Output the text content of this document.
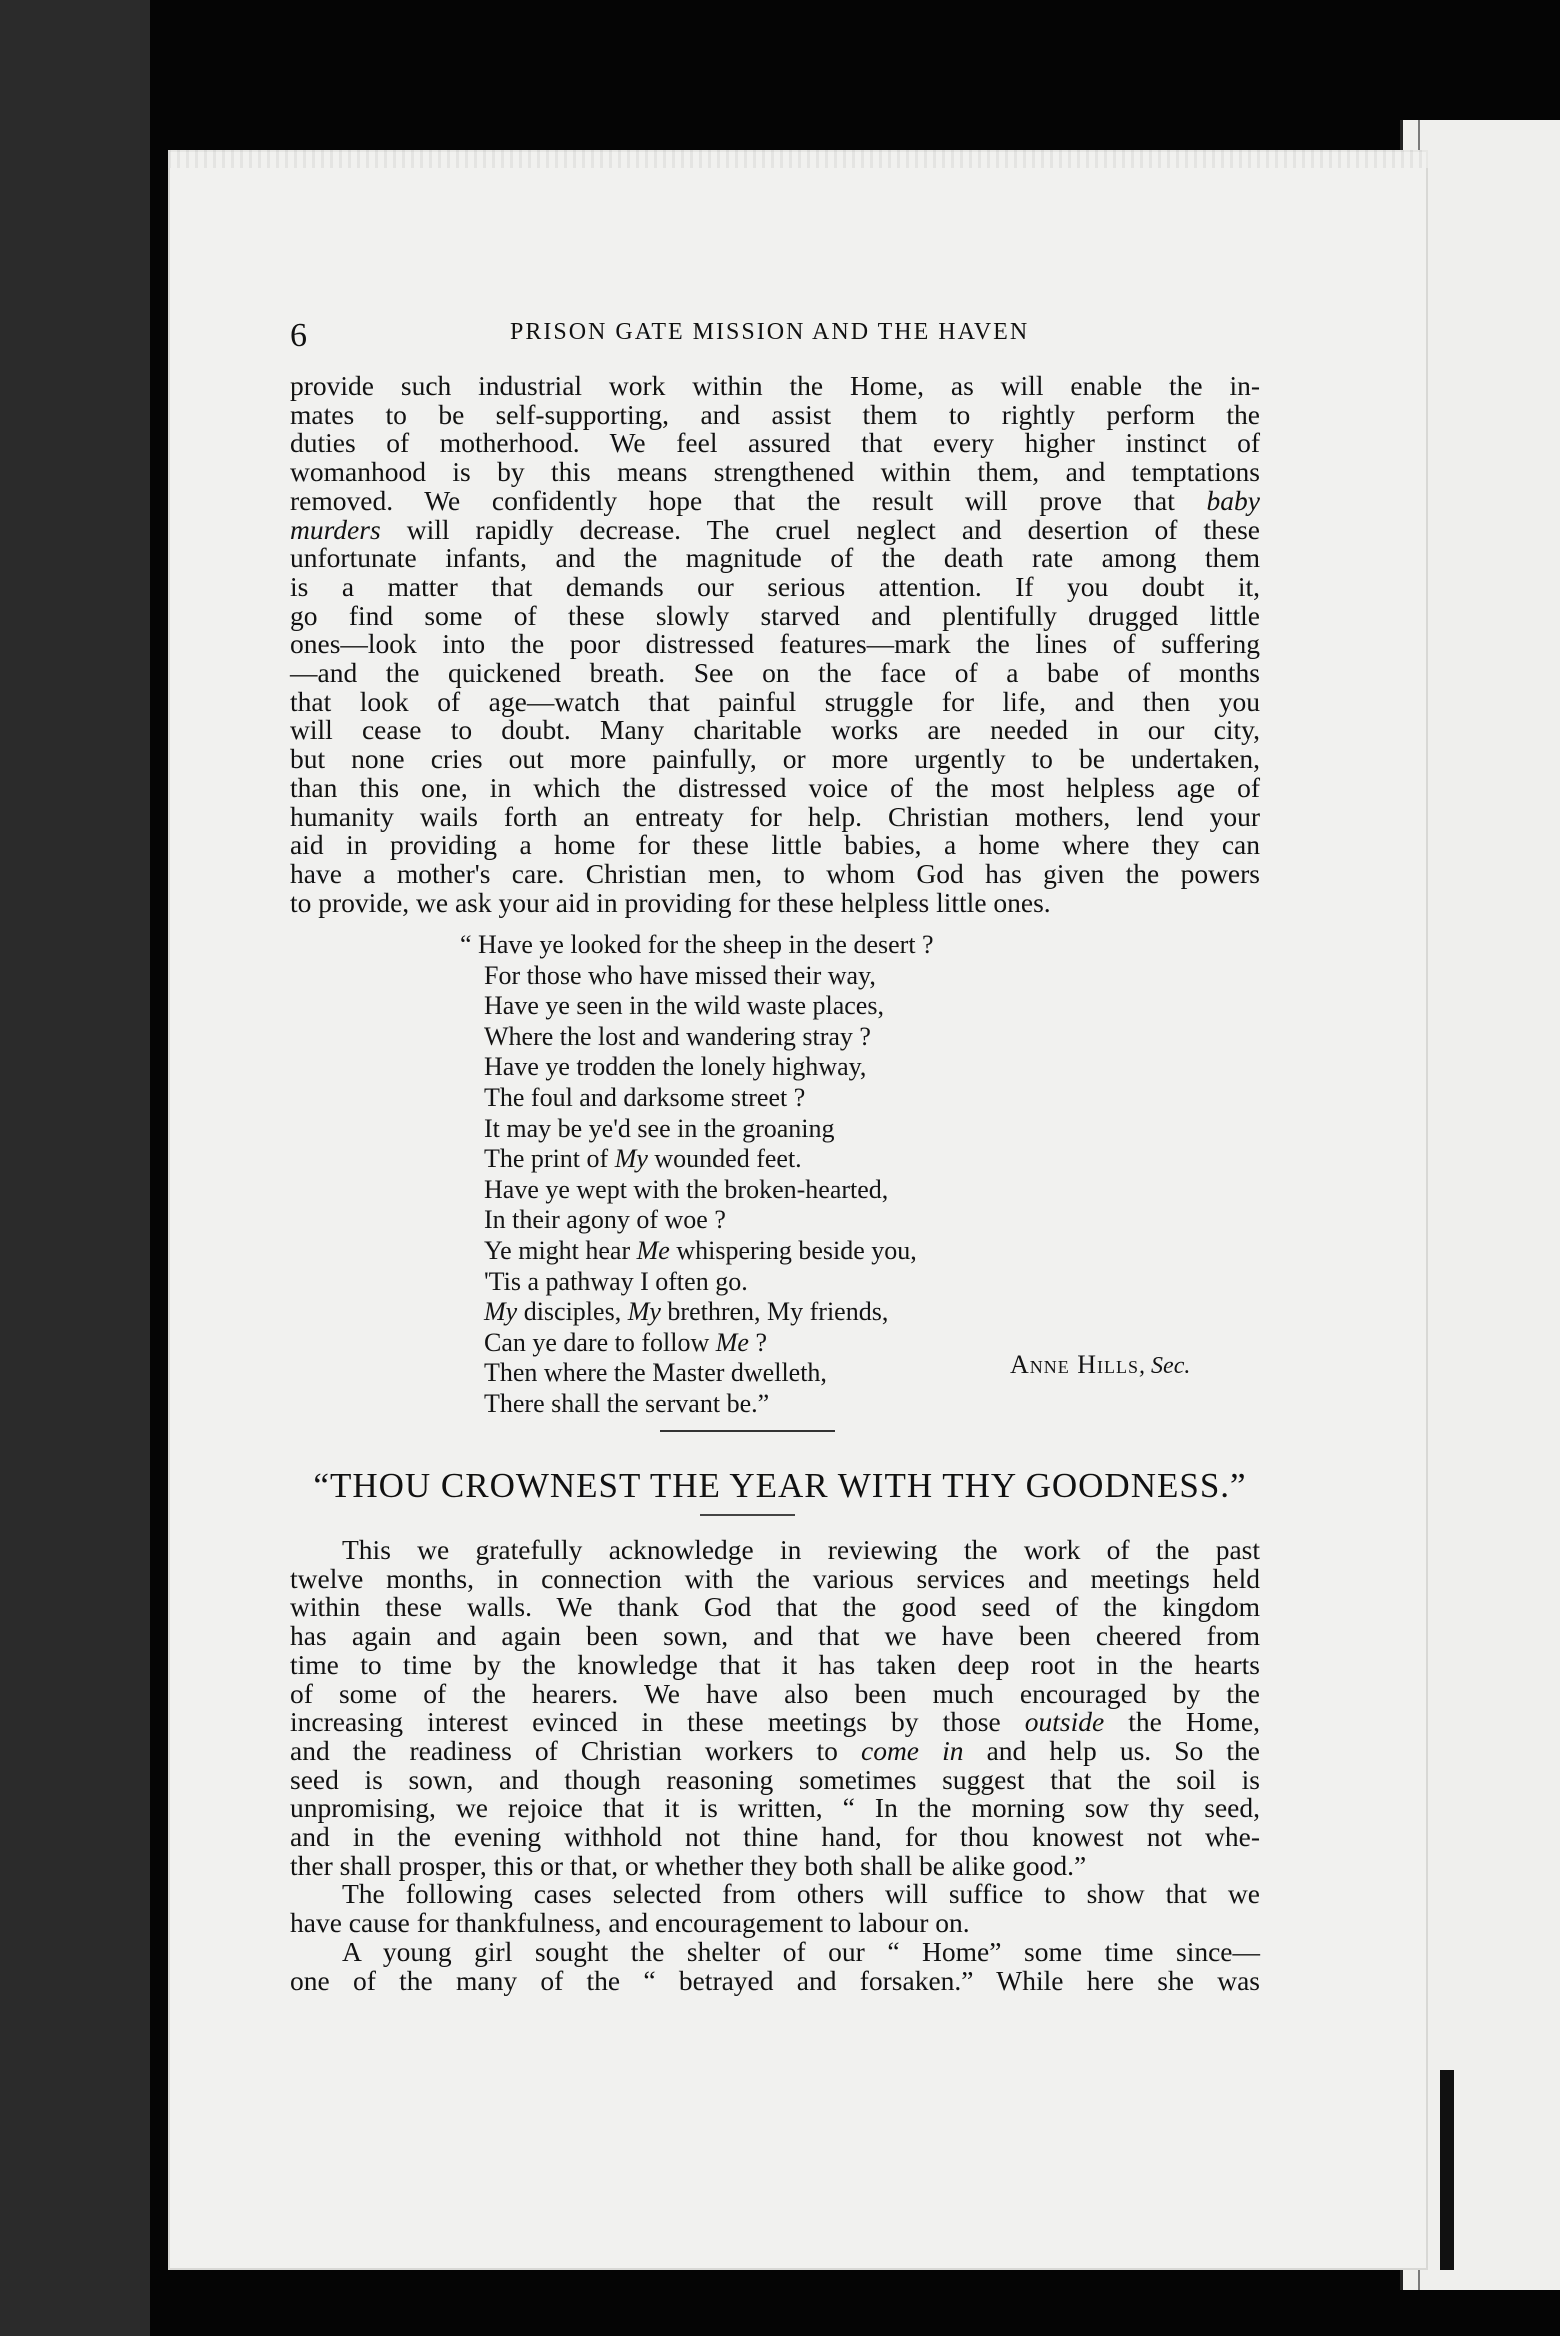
6	PRISON GATE MISSION AND THE HAVEN
provide such industrial work within the Home, as will enable the in-
mates to be self-supporting, and assist them to rightly perform the
duties of motherhood. We feel assured that every higher instinct of
womanhood is by this means strengthened within them, and temptations
removed. We confidently hope that the result will prove that baby
murders will rapidly decrease. The cruel neglect and desertion of these
unfortunate infants, and the magnitude of the death rate among them
is a matter that demands our serious attention. If you doubt it,
go find some of these slowly starved and plentifully drugged little
ones—look into the poor distressed features—mark the lines of suffering
—and the quickened breath. See on the face of a babe of months
that look of age—watch that painful struggle for life, and then you
will cease to doubt. Many charitable works are needed in our city,
but none cries out more painfully, or more urgently to be undertaken,
than this one, in which the distressed voice of the most helpless age of
humanity wails forth an entreaty for help. Christian mothers, lend your
aid in providing a home for these little babies, a home where they can
have a mother's care. Christian men, to whom God has given the powers
to provide, we ask your aid in providing for these helpless little ones.
“ Have ye looked for the sheep in the desert ?
For those who have missed their way,
Have ye seen in the wild waste places,
Where the lost and wandering stray ?
Have ye trodden the lonely highway,
The foul and darksome street ?
It may be ye'd see in the groaning
The print of My wounded feet.
Have ye wept with the broken-hearted,
In their agony of woe ?
Ye might hear Me whispering beside you,
'Tis a pathway I often go.
My disciples, My brethren, My friends,
Can ye dare to follow Me ?
Then where the Master dwelleth,
There shall the servant be.”
Anne Hills, Sec.
“THOU CROWNEST THE YEAR WITH THY GOODNESS.”
This we gratefully acknowledge in reviewing the work of the past
twelve months, in connection with the various services and meetings held
within these walls. We thank God that the good seed of the kingdom
has again and again been sown, and that we have been cheered from
time to time by the knowledge that it has taken deep root in the hearts
of some of the hearers. We have also been much encouraged by the
increasing interest evinced in these meetings by those outside the Home,
and the readiness of Christian workers to come in and help us. So the
seed is sown, and though reasoning sometimes suggest that the soil is
unpromising, we rejoice that it is written, “ In the morning sow thy seed,
and in the evening withhold not thine hand, for thou knowest not whe-
ther shall prosper, this or that, or whether they both shall be alike good.”
The following cases selected from others will suffice to show that we
have cause for thankfulness, and encouragement to labour on.
A young girl sought the shelter of our “ Home” some time since—
one of the many of the “ betrayed and forsaken.” While here she was
